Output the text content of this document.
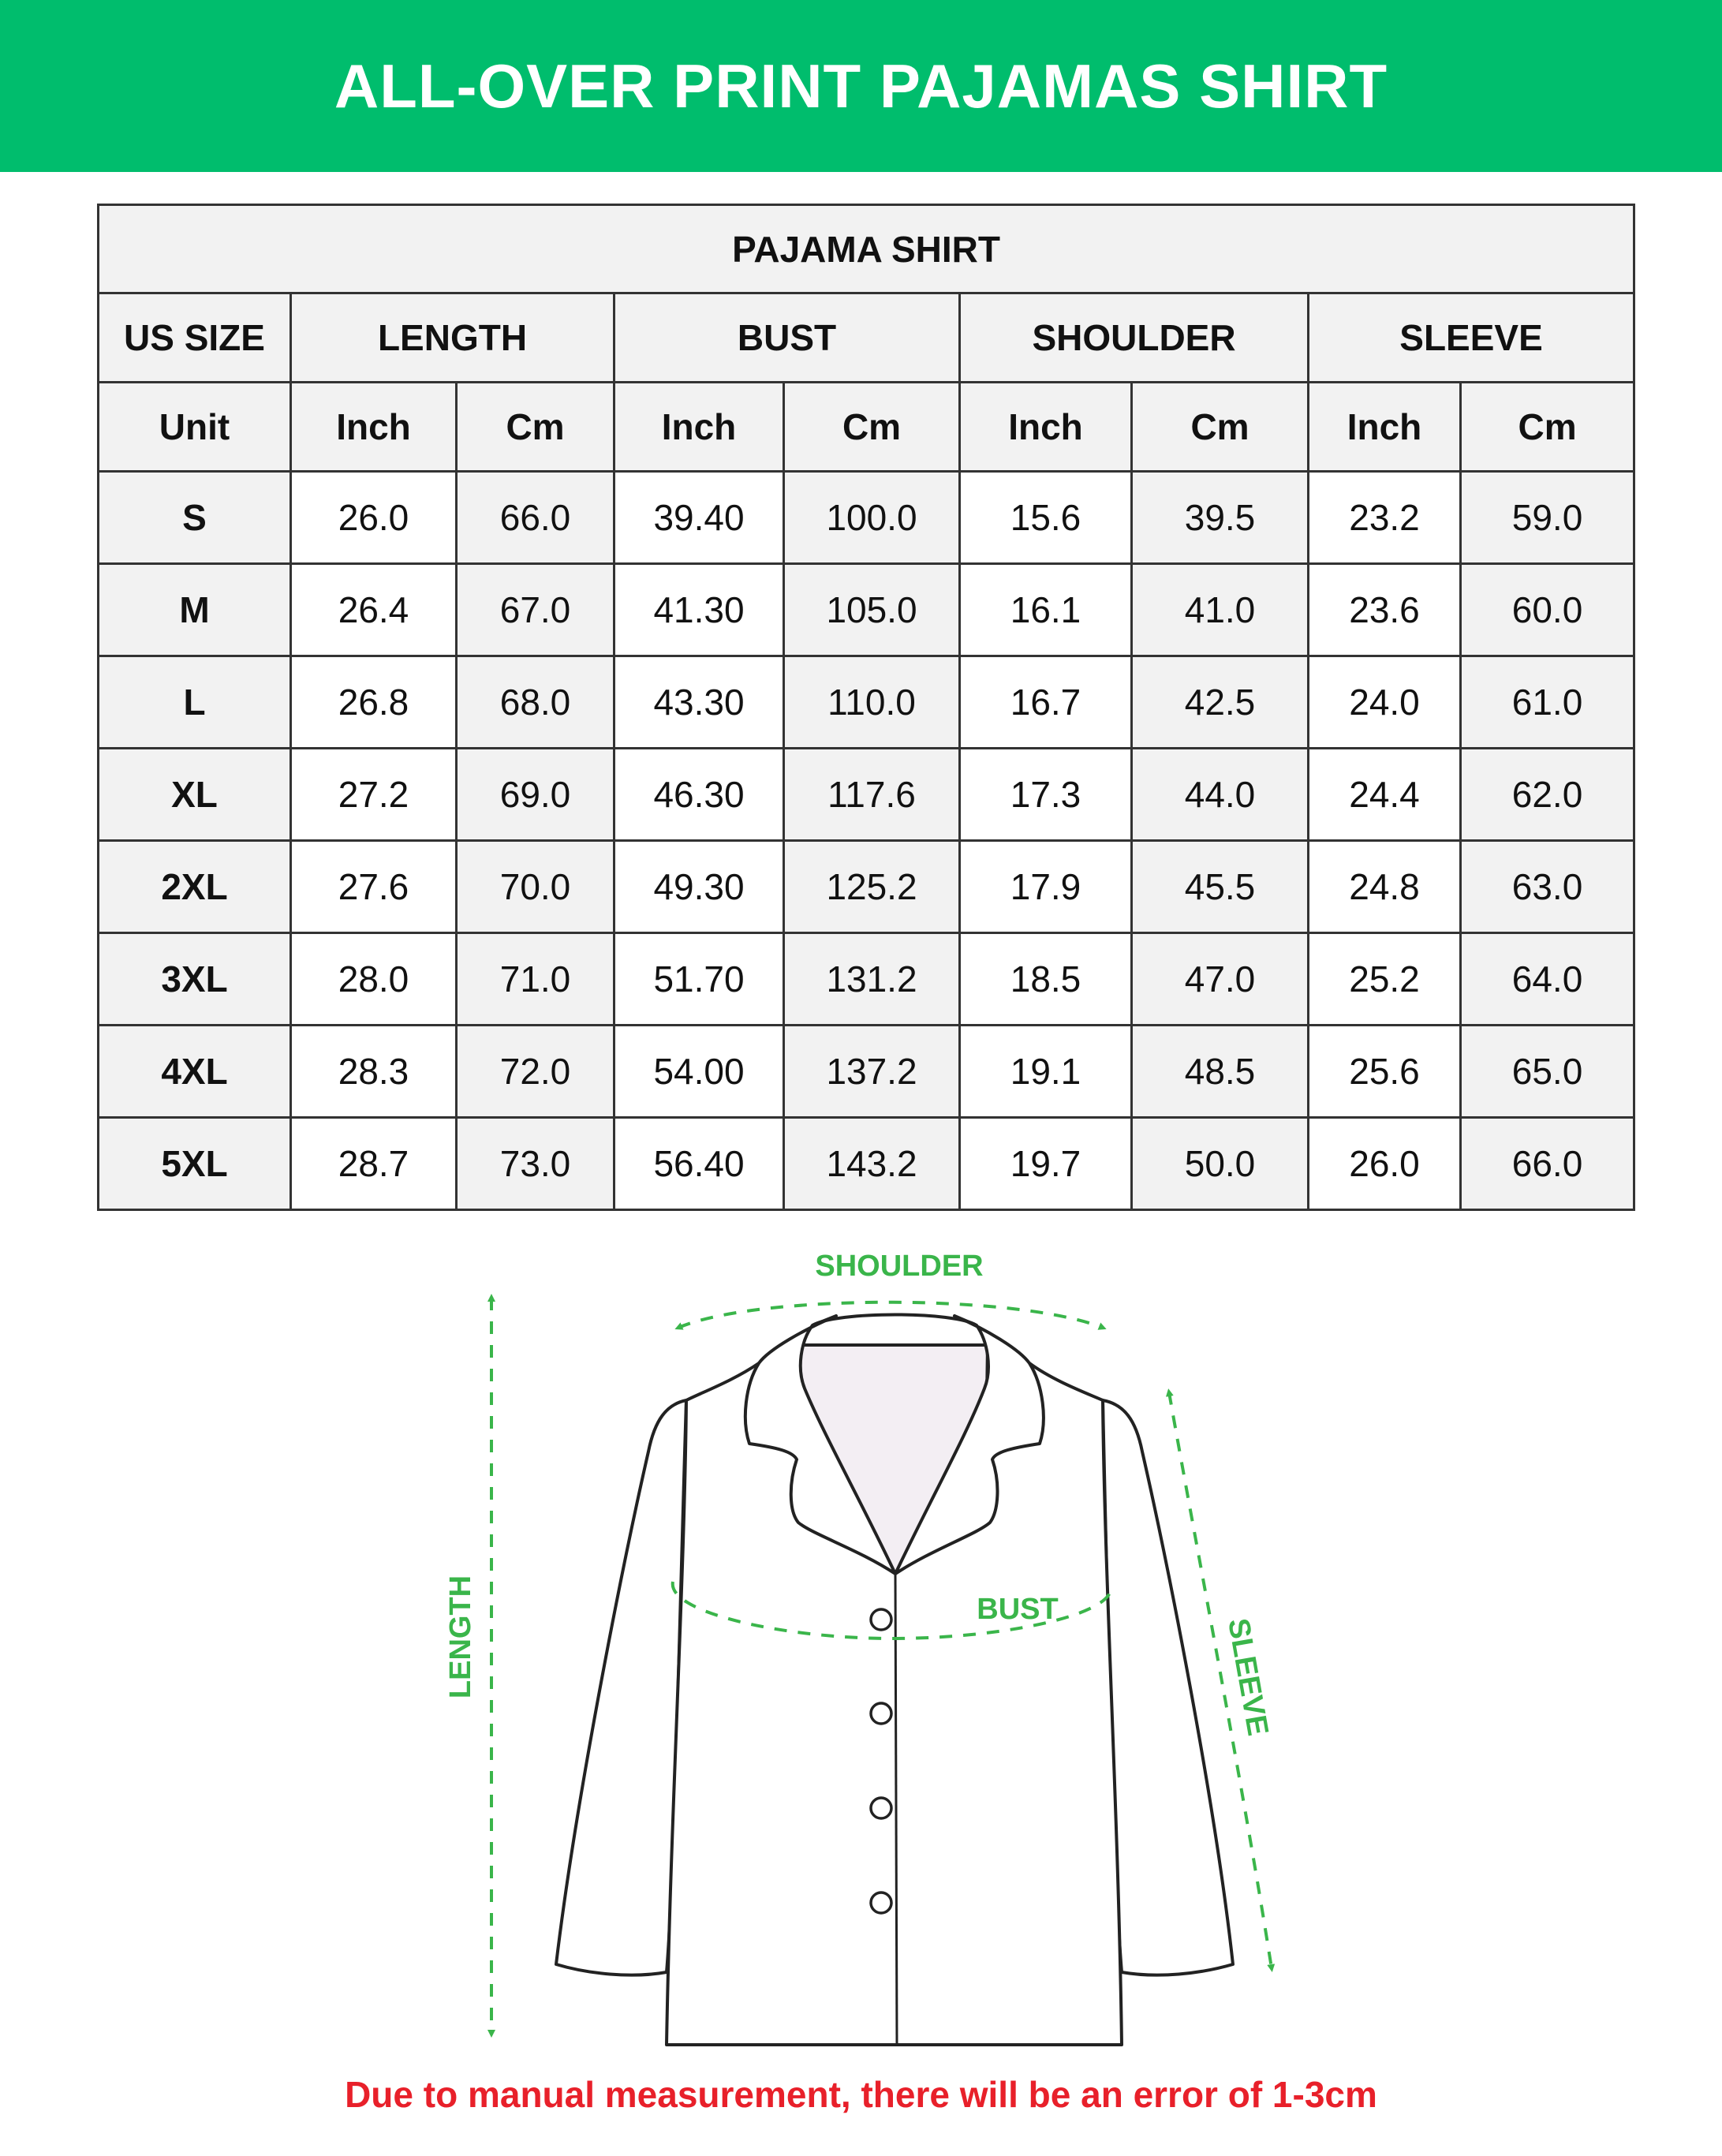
ALL-OVER PRINT PAJAMAS SHIRT
PAJAMA SHIRT								
US SIZE	LENGTH		BUST		SHOULDER		SLEEVE	
Unit	Inch	Cm	Inch	Cm	Inch	Cm	Inch	Cm
S	26.0	66.0	39.40	100.0	15.6	39.5	23.2	59.0
M	26.4	67.0	41.30	105.0	16.1	41.0	23.6	60.0
L	26.8	68.0	43.30	110.0	16.7	42.5	24.0	61.0
XL	27.2	69.0	46.30	117.6	17.3	44.0	24.4	62.0
2XL	27.6	70.0	49.30	125.2	17.9	45.5	24.8	63.0
3XL	28.0	71.0	51.70	131.2	18.5	47.0	25.2	64.0
4XL	28.3	72.0	54.00	137.2	19.1	48.5	25.6	65.0
5XL	28.7	73.0	56.40	143.2	19.7	50.0	26.0	66.0
SHOULDER
BUST
LENGTH	SLEEVE
Due to manual measurement, there will be an error of 1-3cm
